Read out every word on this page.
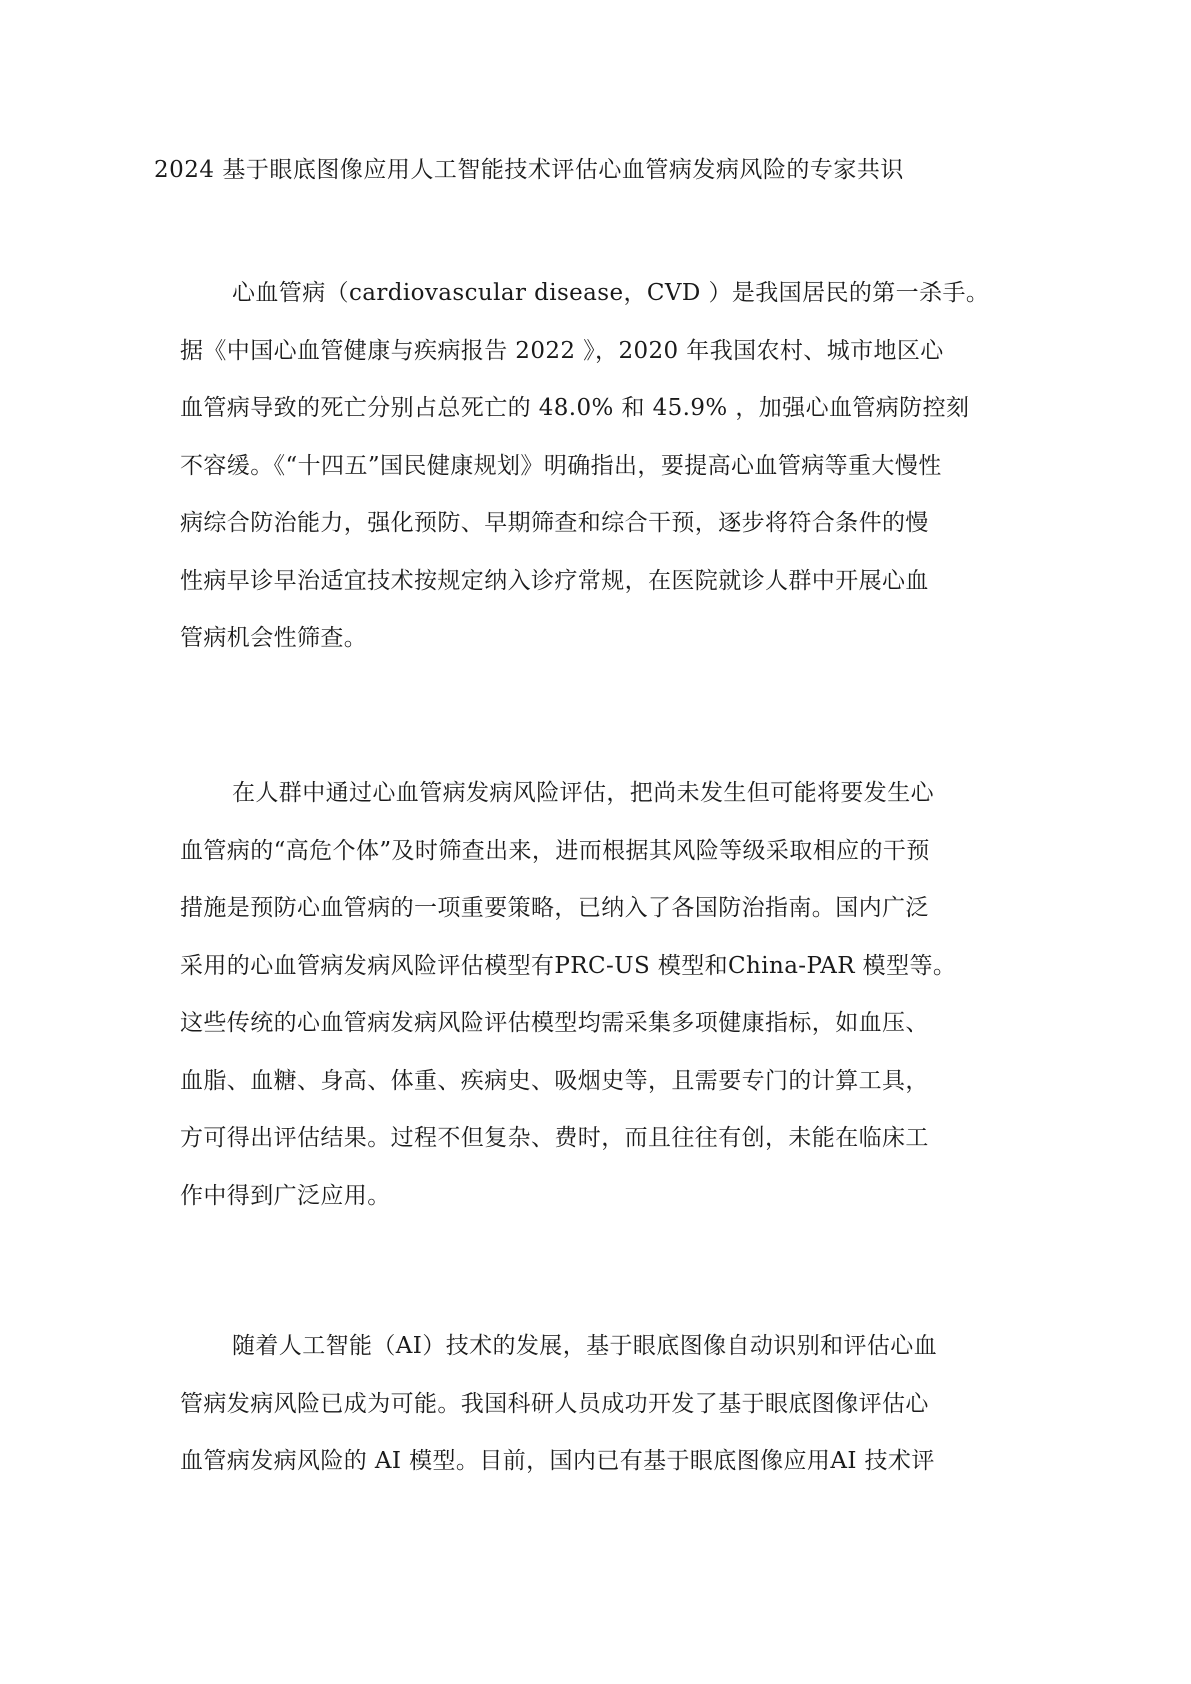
2024 基于眼底图像应用人工智能技术评估心血管病发病风险的专家共识
心血管病（cardiovascular disease，CVD ）是我国居民的第一杀手。
据《中国心血管健康与疾病报告 2022 》，2020 年我国农村、城市地区心
血管病导致的死亡分别占总死亡的 48.0% 和 45.9% ，加强心血管病防控刻
不容缓。《“十四五”国民健康规划》明确指出，要提高心血管病等重大慢性
病综合防治能力，强化预防、早期筛查和综合干预，逐步将符合条件的慢
性病早诊早治适宜技术按规定纳入诊疗常规，在医院就诊人群中开展心血
管病机会性筛查。
在人群中通过心血管病发病风险评估，把尚未发生但可能将要发生心
血管病的“高危个体”及时筛查出来，进而根据其风险等级采取相应的干预
措施是预防心血管病的一项重要策略，已纳入了各国防治指南。国内广泛
采用的心血管病发病风险评估模型有PRC-US 模型和China-PAR 模型等。
这些传统的心血管病发病风险评估模型均需采集多项健康指标，如血压、
血脂、血糖、身高、体重、疾病史、吸烟史等，且需要专门的计算工具，
方可得出评估结果。过程不但复杂、费时，而且往往有创，未能在临床工
作中得到广泛应用。
随着人工智能（AI）技术的发展，基于眼底图像自动识别和评估心血
管病发病风险已成为可能。我国科研人员成功开发了基于眼底图像评估心
血管病发病风险的 AI 模型。目前，国内已有基于眼底图像应用AI 技术评
